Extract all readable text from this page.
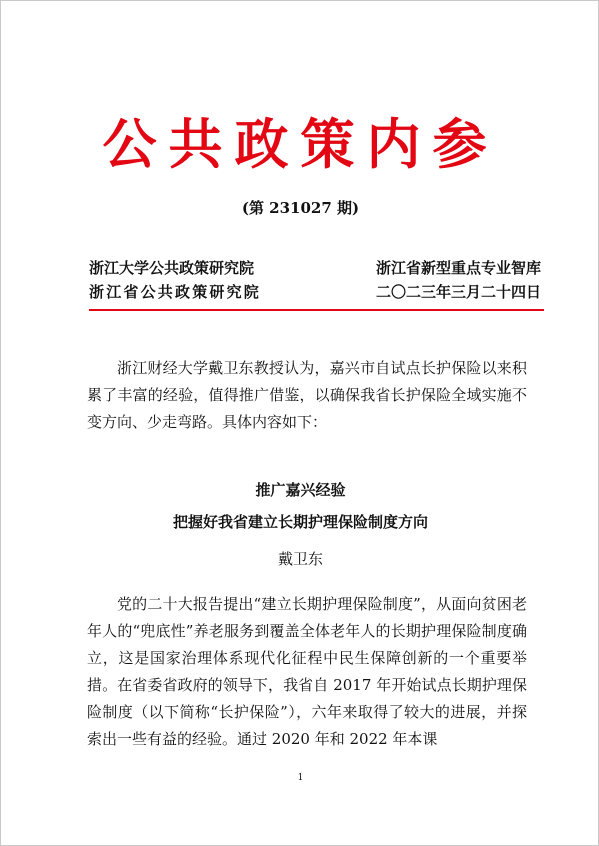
公共政策内参
(第 231027 期)
浙江大学公共政策研究院	浙江省新型重点专业智库
浙江省公共政策研究院	二〇二三年三月二十四日
浙江财经大学戴卫东教授认为，嘉兴市自试点长护保险以来积累了丰富的经验，值得推广借鉴，以确保我省长护保险全域实施不变方向、少走弯路。具体内容如下：
推广嘉兴经验
把握好我省建立长期护理保险制度方向
戴卫东
党的二十大报告提出“建立长期护理保险制度”，从面向贫困老年人的“兜底性”养老服务到覆盖全体老年人的长期护理保险制度确立，这是国家治理体系现代化征程中民生保障创新的一个重要举措。在省委省政府的领导下，我省自 2017 年开始试点长期护理保险制度（以下简称“长护保险”），六年来取得了较大的进展，并探索出一些有益的经验。通过 2020 年和 2022 年本课
1
